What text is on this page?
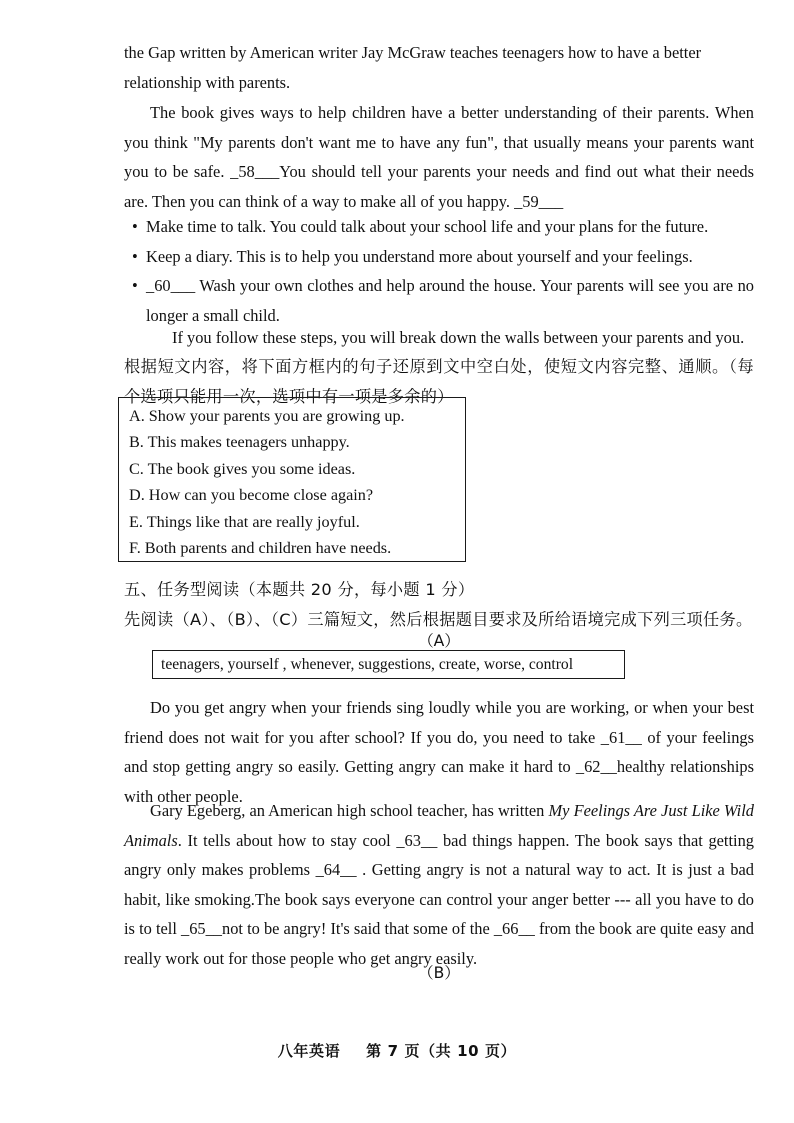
the Gap written by American writer Jay McGraw teaches teenagers how to have a better
relationship with parents.

The book gives ways to help children have a better understanding of their parents. When you think "My parents don't want me to have any fun", that usually means your parents want you to be safe. _58___You should tell your parents your needs and find out what their needs are. Then you can think of a way to make all of you happy. _59___

• Make time to talk. You could talk about your school life and your plans for the future.
• Keep a diary. This is to help you understand more about yourself and your feelings.
• _60___ Wash your own clothes and help around the house. Your parents will see you are no longer a small child.

If you follow these steps, you will break down the walls between your parents and you.

根据短文内容，将下面方框内的句子还原到文中空白处，使短文内容完整、通顺。（每个选项只能用一次，选项中有一项是多余的）

A. Show your parents you are growing up.
B. This makes teenagers unhappy.
C. The book gives you some ideas.
D. How can you become close again?
E. Things like that are really joyful.
F. Both parents and children have needs.

五、任务型阅读（本题共 20 分，每小题 1 分）

先阅读（A）、（B）、（C）三篇短文，然后根据题目要求及所给语境完成下列三项任务。

（A）
teenagers, yourself , whenever, suggestions, create, worse, control

Do you get angry when your friends sing loudly while you are working, or when your best friend does not wait for you after school? If you do, you need to take _61__ of your feelings and stop getting angry so easily. Getting angry can make it hard to _62__healthy relationships with other people.

Gary Egeberg, an American high school teacher, has written My Feelings Are Just Like Wild Animals. It tells about how to stay cool _63__ bad things happen. The book says that getting angry only makes problems _64__ . Getting angry is not a natural way to act. It is just a bad habit, like smoking.The book says everyone can control your anger better --- all you have to do is to tell _65__not to be angry! It's said that some of the _66__ from the book are quite easy and really work out for those people who get angry easily.

（B）
八年英语 第 7 页（共 10 页）
